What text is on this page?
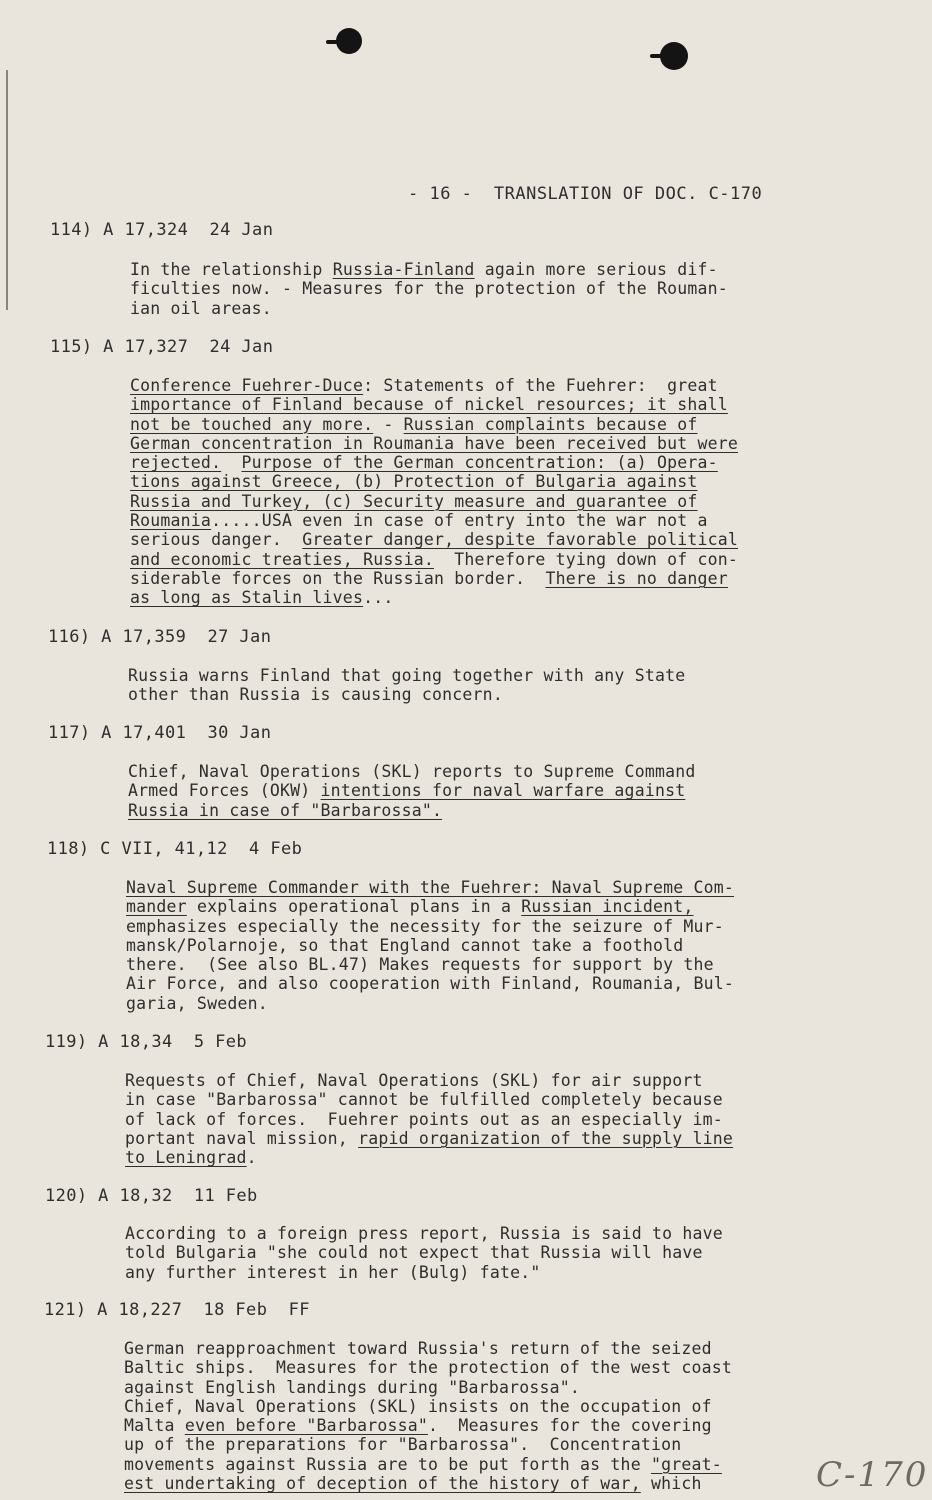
- 16 -  TRANSLATION OF DOC. C-170
114) A 17,324  24 Jan
In the relationship Russia-Finland again more serious dif-
ficulties now. - Measures for the protection of the Rouman-
ian oil areas.
115) A 17,327  24 Jan
Conference Fuehrer-Duce: Statements of the Fuehrer:  great
importance of Finland because of nickel resources; it shall
not be touched any more. - Russian complaints because of
German concentration in Roumania have been received but were
rejected. Purpose of the German concentration: (a) Opera-
tions against Greece, (b) Protection of Bulgaria against
Russia and Turkey, (c) Security measure and guarantee of
Roumania.....USA even in case of entry into the war not a
serious danger.  Greater danger, despite favorable political
and economic treaties, Russia.  Therefore tying down of con-
siderable forces on the Russian border.  There is no danger
as long as Stalin lives...
116) A 17,359  27 Jan
Russia warns Finland that going together with any State
other than Russia is causing concern.
117) A 17,401  30 Jan
Chief, Naval Operations (SKL) reports to Supreme Command
Armed Forces (OKW) intentions for naval warfare against
Russia in case of "Barbarossa".
118) C VII, 41,12  4 Feb
Naval Supreme Commander with the Fuehrer: Naval Supreme Com-
mander explains operational plans in a Russian incident,
emphasizes especially the necessity for the seizure of Mur-
mansk/Polarnoje, so that England cannot take a foothold
there.  (See also BL.47) Makes requests for support by the
Air Force, and also cooperation with Finland, Roumania, Bul-
garia, Sweden.
119) A 18,34  5 Feb
Requests of Chief, Naval Operations (SKL) for air support
in case "Barbarossa" cannot be fulfilled completely because
of lack of forces.  Fuehrer points out as an especially im-
portant naval mission, rapid organization of the supply line
to Leningrad.
120) A 18,32  11 Feb
According to a foreign press report, Russia is said to have
told Bulgaria "she could not expect that Russia will have
any further interest in her (Bulg) fate."
121) A 18,227  18 Feb  FF
German reapproachment toward Russia's return of the seized
Baltic ships.  Measures for the protection of the west coast
against English landings during "Barbarossa".
Chief, Naval Operations (SKL) insists on the occupation of
Malta even before "Barbarossa".  Measures for the covering
up of the preparations for "Barbarossa".  Concentration
movements against Russia are to be put forth as the "great-
est undertaking of deception of the history of war, which	C-170
